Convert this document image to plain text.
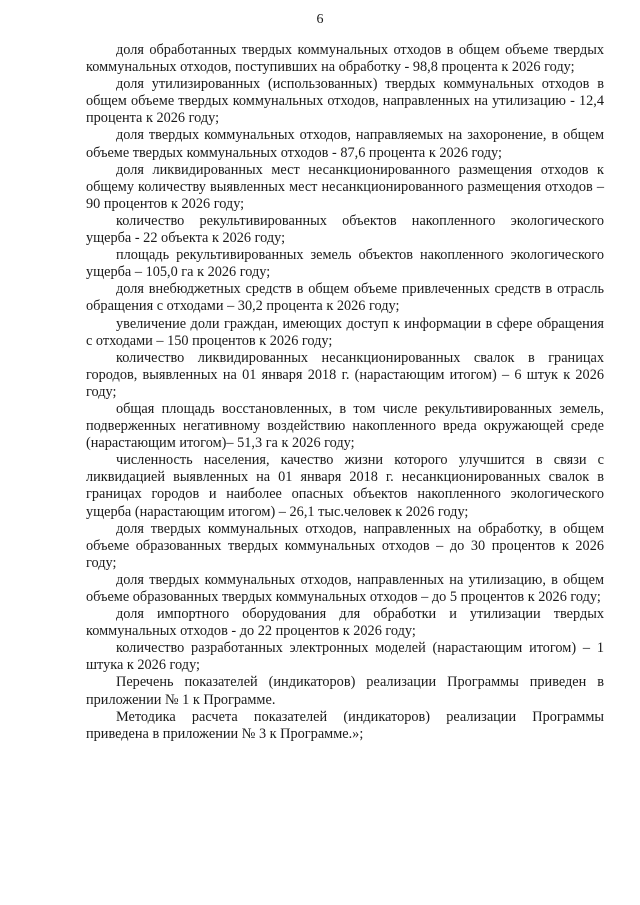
6

доля обработанных твердых коммунальных отходов в общем объеме твердых коммунальных отходов, поступивших на обработку - 98,8 процента к 2026 году;

доля утилизированных (использованных) твердых коммунальных отходов в общем объеме твердых коммунальных отходов, направленных на утилизацию - 12,4 процента к 2026 году;

доля твердых коммунальных отходов, направляемых на захоронение, в общем объеме твердых коммунальных отходов - 87,6 процента к 2026 году;

доля ликвидированных мест несанкционированного размещения отходов к общему количеству выявленных мест несанкционированного размещения отходов – 90 процентов к 2026 году;

количество рекультивированных объектов накопленного экологического ущерба - 22 объекта к 2026 году;

площадь рекультивированных земель объектов накопленного экологического ущерба – 105,0 га к 2026 году;

доля внебюджетных средств в общем объеме привлеченных средств в отрасль обращения с отходами – 30,2 процента к 2026 году;

увеличение доли граждан, имеющих доступ к информации в сфере обращения с отходами – 150 процентов к 2026 году;

количество ликвидированных несанкционированных свалок в границах городов, выявленных на 01 января 2018 г. (нарастающим итогом) – 6 штук к 2026 году;

общая площадь восстановленных, в том числе рекультивированных земель, подверженных негативному воздействию накопленного вреда окружающей среде (нарастающим итогом)– 51,3 га к 2026 году;

численность населения, качество жизни которого улучшится в связи с ликвидацией выявленных на 01 января 2018 г. несанкционированных свалок в границах городов и наиболее опасных объектов накопленного экологического ущерба (нарастающим итогом) – 26,1 тыс.человек к 2026 году;

доля твердых коммунальных отходов, направленных на обработку, в общем объеме образованных твердых коммунальных отходов – до 30 процентов к 2026 году;

доля твердых коммунальных отходов, направленных на утилизацию, в общем объеме образованных твердых коммунальных отходов – до 5 процентов к 2026 году;

доля импортного оборудования для обработки и утилизации твердых коммунальных отходов - до 22 процентов к 2026 году;

количество разработанных электронных моделей (нарастающим итогом) – 1 штука к 2026 году;

Перечень показателей (индикаторов) реализации Программы приведен в приложении № 1 к Программе.

Методика расчета показателей (индикаторов) реализации Программы приведена в приложении № 3 к Программе.»;
